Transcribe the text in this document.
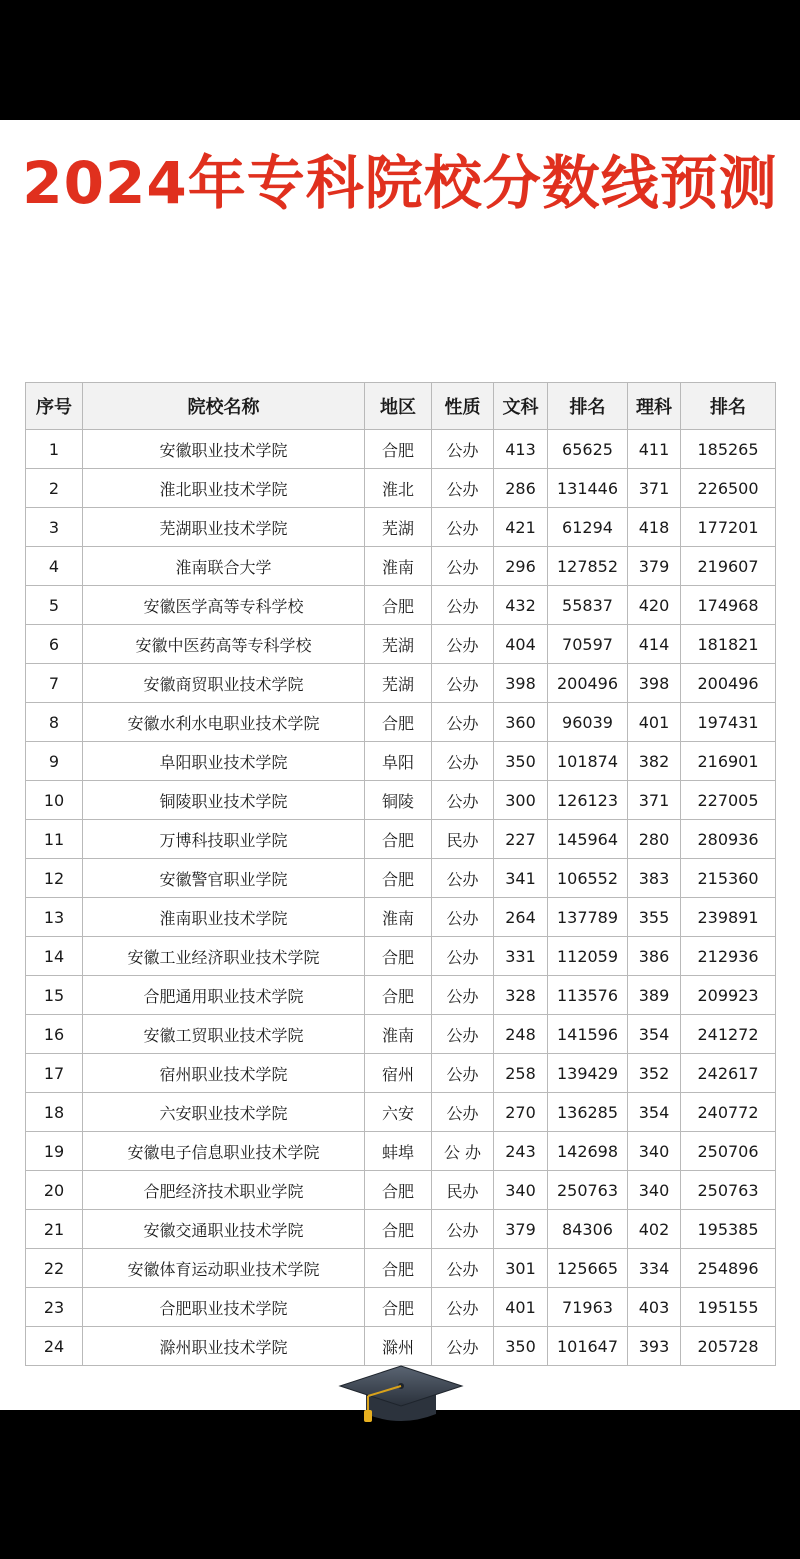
2024年专科院校分数线预测
序号	院校名称	地区	性质	文科	排名	理科	排名
1	安徽职业技术学院	合肥	公办	413	65625	411	185265
2	淮北职业技术学院	淮北	公办	286	131446	371	226500
3	芜湖职业技术学院	芜湖	公办	421	61294	418	177201
4	淮南联合大学	淮南	公办	296	127852	379	219607
5	安徽医学高等专科学校	合肥	公办	432	55837	420	174968
6	安徽中医药高等专科学校	芜湖	公办	404	70597	414	181821
7	安徽商贸职业技术学院	芜湖	公办	398	200496	398	200496
8	安徽水利水电职业技术学院	合肥	公办	360	96039	401	197431
9	阜阳职业技术学院	阜阳	公办	350	101874	382	216901
10	铜陵职业技术学院	铜陵	公办	300	126123	371	227005
11	万博科技职业学院	合肥	民办	227	145964	280	280936
12	安徽警官职业学院	合肥	公办	341	106552	383	215360
13	淮南职业技术学院	淮南	公办	264	137789	355	239891
14	安徽工业经济职业技术学院	合肥	公办	331	112059	386	212936
15	合肥通用职业技术学院	合肥	公办	328	113576	389	209923
16	安徽工贸职业技术学院	淮南	公办	248	141596	354	241272
17	宿州职业技术学院	宿州	公办	258	139429	352	242617
18	六安职业技术学院	六安	公办	270	136285	354	240772
19	安徽电子信息职业技术学院	蚌埠	公 办	243	142698	340	250706
20	合肥经济技术职业学院	合肥	民办	340	250763	340	250763
21	安徽交通职业技术学院	合肥	公办	379	84306	402	195385
22	安徽体育运动职业技术学院	合肥	公办	301	125665	334	254896
23	合肥职业技术学院	合肥	公办	401	71963	403	195155
24	滁州职业技术学院	滁州	公办	350	101647	393	205728
